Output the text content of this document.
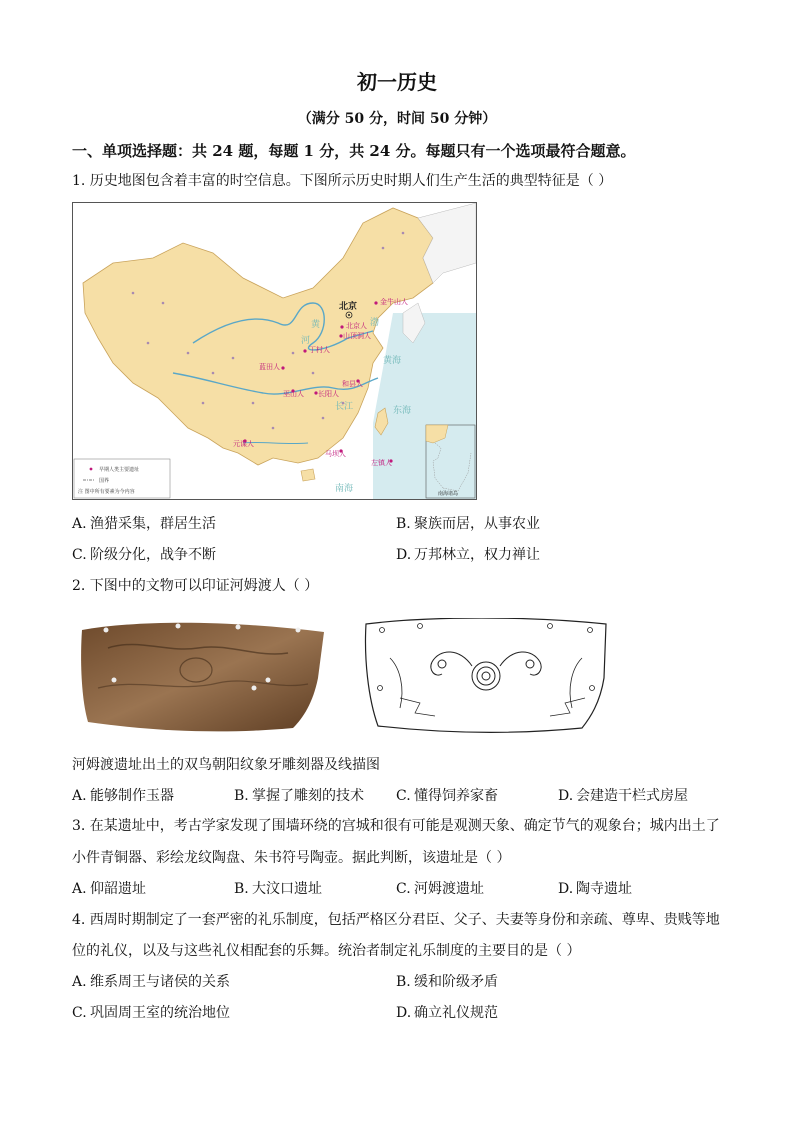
初一历史
（满分 50 分，时间 50 分钟）
一、单项选择题：共 24 题，每题 1 分，共 24 分。每题只有一个选项最符合题意。
1. 历史地图包含着丰富的时空信息。下图所示历史时期人们生产生活的典型特征是（ ）
北京	金牛山人
北京人
山顶洞人
丁村人
蓝田人
和县人
巫山人 长阳人
元谋人
马坝人
左镇人
黄
河
渤
黄海
东海
南海
长江
早期人类主要遗址
国界
注 图中所有要素为今内容	南海诸岛
A. 渔猎采集，群居生活	B. 聚族而居，从事农业
C. 阶级分化，战争不断	D. 万邦林立，权力禅让
2. 下图中的文物可以印证河姆渡人（ ）
河姆渡遗址出土的双鸟朝阳纹象牙雕刻器及线描图
A. 能够制作玉器	B. 掌握了雕刻的技术 C. 懂得饲养家畜	D. 会建造干栏式房屋
3. 在某遗址中，考古学家发现了围墙环绕的宫城和很有可能是观测天象、确定节气的观象台；城内出土了
小件青铜器、彩绘龙纹陶盘、朱书符号陶壶。据此判断，该遗址是（ ）
A. 仰韶遗址	B. 大汶口遗址	C. 河姆渡遗址	D. 陶寺遗址
4. 西周时期制定了一套严密的礼乐制度，包括严格区分君臣、父子、夫妻等身份和亲疏、尊卑、贵贱等地
位的礼仪，以及与这些礼仪相配套的乐舞。统治者制定礼乐制度的主要目的是（ ）
A. 维系周王与诸侯的关系	B. 缓和阶级矛盾
C. 巩固周王室的统治地位	D. 确立礼仪规范
